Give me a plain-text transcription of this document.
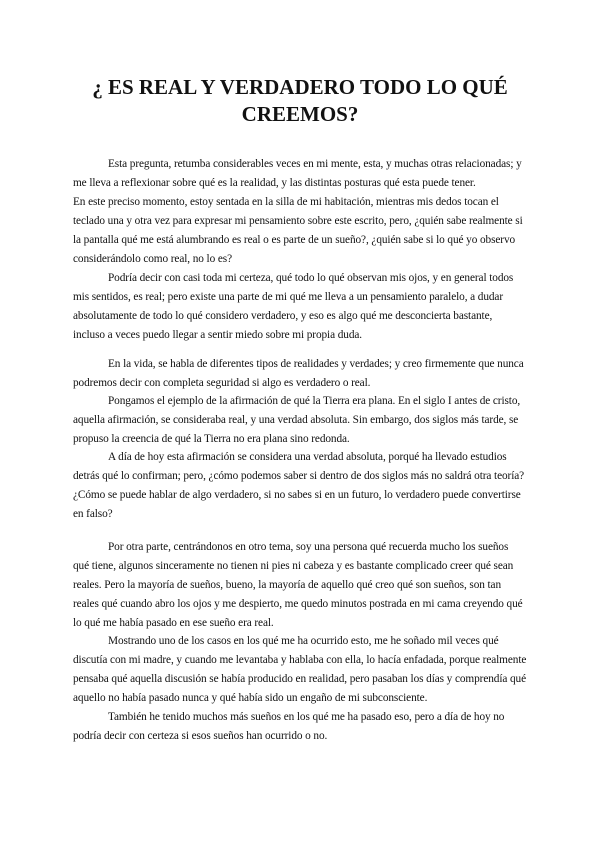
¿ ES REAL Y VERDADERO TODO LO QUÉ
CREEMOS?
Esta pregunta, retumba considerables veces en mi mente, esta, y muchas otras relacionadas; y
me lleva a reflexionar sobre qué es la realidad, y las distintas posturas qué esta puede tener.
En este preciso momento, estoy sentada en la silla de mi habitación, mientras mis dedos tocan el
teclado una y otra vez para expresar mi pensamiento sobre este escrito, pero, ¿quién sabe realmente si
la pantalla qué me está alumbrando es real o es parte de un sueño?, ¿quién sabe si lo qué yo observo
considerándolo como real, no lo es?
Podría decir con casi toda mi certeza, qué todo lo qué observan mis ojos, y en general todos
mis sentidos, es real; pero existe una parte de mi qué me lleva a un pensamiento paralelo, a dudar
absolutamente de todo lo qué considero verdadero, y eso es algo qué me desconcierta bastante,
incluso a veces puedo llegar a sentir miedo sobre mi propia duda.
En la vida, se habla de diferentes tipos de realidades y verdades; y creo firmemente que nunca
podremos decir con completa seguridad si algo es verdadero o real.
Pongamos el ejemplo de la afirmación de qué la Tierra era plana. En el siglo I antes de cristo,
aquella afirmación, se consideraba real, y una verdad absoluta. Sin embargo, dos siglos más tarde, se
propuso la creencia de qué la Tierra no era plana sino redonda.
A día de hoy esta afirmación se considera una verdad absoluta, porqué ha llevado estudios
detrás qué lo confirman; pero, ¿cómo podemos saber si dentro de dos siglos más no saldrá otra teoría?
¿Cómo se puede hablar de algo verdadero, si no sabes si en un futuro, lo verdadero puede convertirse
en falso?
Por otra parte, centrándonos en otro tema, soy una persona qué recuerda mucho los sueños
qué tiene, algunos sinceramente no tienen ni pies ni cabeza y es bastante complicado creer qué sean
reales. Pero la mayoría de sueños, bueno, la mayoría de aquello qué creo qué son sueños, son tan
reales qué cuando abro los ojos y me despierto, me quedo minutos postrada en mi cama creyendo qué
lo qué me había pasado en ese sueño era real.
Mostrando uno de los casos en los qué me ha ocurrido esto, me he soñado mil veces qué
discutía con mi madre, y cuando me levantaba y hablaba con ella, lo hacía enfadada, porque realmente
pensaba qué aquella discusión se había producido en realidad, pero pasaban los días y comprendía qué
aquello no había pasado nunca y qué había sido un engaño de mi subconsciente.
También he tenido muchos más sueños en los qué me ha pasado eso, pero a día de hoy no
podría decir con certeza si esos sueños han ocurrido o no.
